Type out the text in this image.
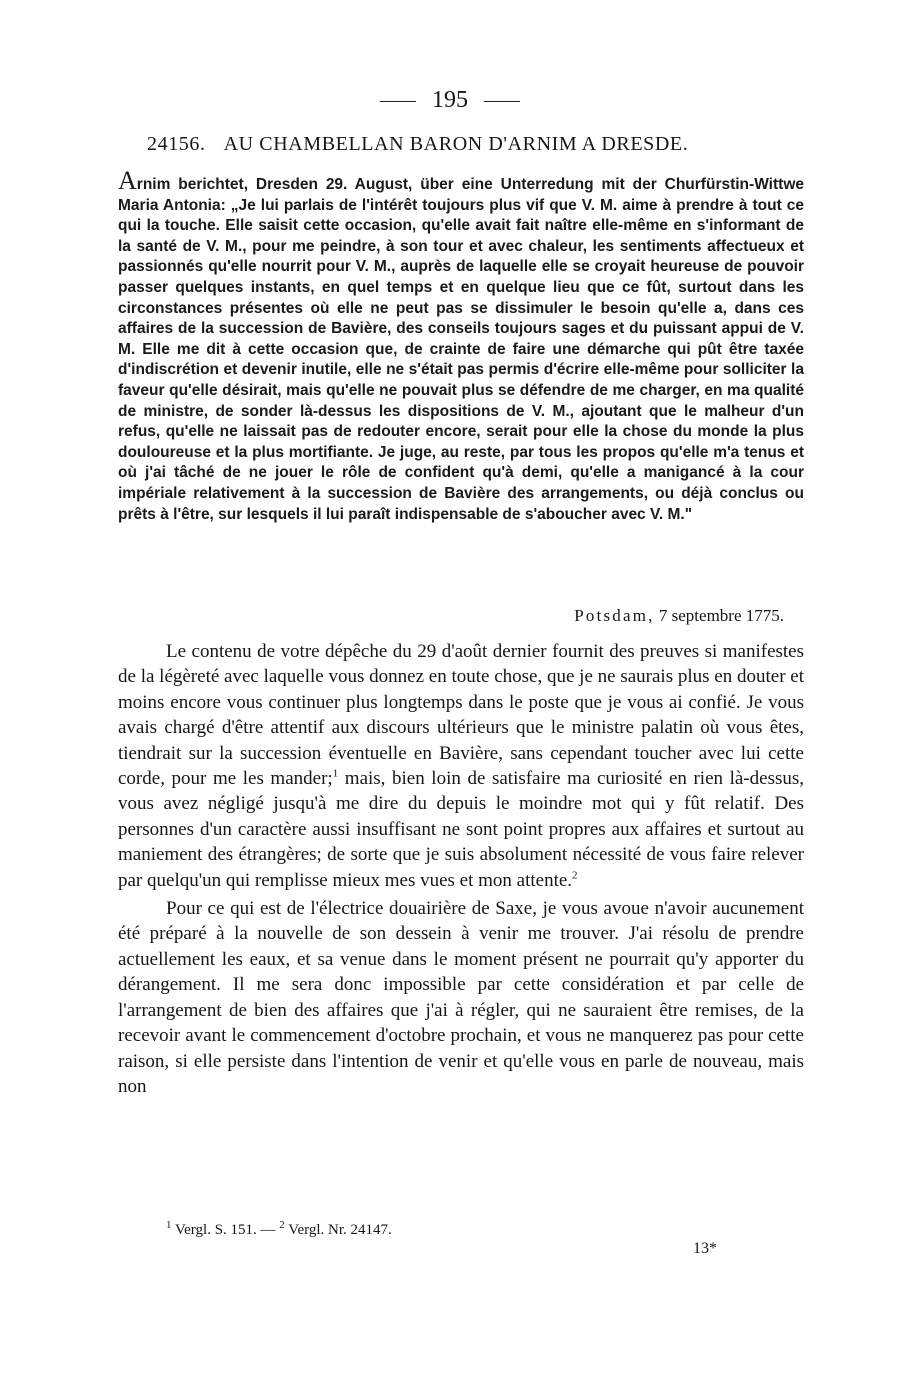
195
24156. AU CHAMBELLAN BARON D'ARNIM A DRESDE.
Arnim berichtet, Dresden 29. August, über eine Unterredung mit der Churfürstin-Wittwe Maria Antonia: „Je lui parlais de l'intérêt toujours plus vif que V. M. aime à prendre à tout ce qui la touche. Elle saisit cette occasion, qu'elle avait fait naître elle-même en s'informant de la santé de V. M., pour me peindre, à son tour et avec chaleur, les sentiments affectueux et passionnés qu'elle nourrit pour V. M., auprès de laquelle elle se croyait heureuse de pouvoir passer quelques instants, en quel temps et en quelque lieu que ce fût, surtout dans les circonstances présentes où elle ne peut pas se dissimuler le besoin qu'elle a, dans ces affaires de la succession de Bavière, des conseils toujours sages et du puissant appui de V. M. Elle me dit à cette occasion que, de crainte de faire une démarche qui pût être taxée d'indiscrétion et devenir inutile, elle ne s'était pas permis d'écrire elle-même pour solliciter la faveur qu'elle désirait, mais qu'elle ne pouvait plus se défendre de me charger, en ma qualité de ministre, de sonder là-dessus les dispositions de V. M., ajoutant que le malheur d'un refus, qu'elle ne laissait pas de redouter encore, serait pour elle la chose du monde la plus douloureuse et la plus mortifiante. Je juge, au reste, par tous les propos qu'elle m'a tenus et où j'ai tâché de ne jouer le rôle de confident qu'à demi, qu'elle a manigancé à la cour impériale relativement à la succession de Bavière des arrangements, ou déjà conclus ou prêts à l'être, sur lesquels il lui paraît indispensable de s'aboucher avec V. M."
Potsdam, 7 septembre 1775.

Le contenu de votre dépêche du 29 d'août dernier fournit des preuves si manifestes de la légèreté avec laquelle vous donnez en toute chose, que je ne saurais plus en douter et moins encore vous continuer plus longtemps dans le poste que je vous ai confié. Je vous avais chargé d'être attentif aux discours ultérieurs que le ministre palatin où vous êtes, tiendrait sur la succession éventuelle en Bavière, sans cependant toucher avec lui cette corde, pour me les mander;$^1$ mais, bien loin de satisfaire ma curiosité en rien là-dessus, vous avez négligé jusqu'à me dire du depuis le moindre mot qui y fût relatif. Des personnes d'un caractère aussi insuffisant ne sont point propres aux affaires et surtout au maniement des étrangères; de sorte que je suis absolument nécessité de vous faire relever par quelqu'un qui remplisse mieux mes vues et mon attente.$^2$

Pour ce qui est de l'électrice douairière de Saxe, je vous avoue n'avoir aucunement été préparé à la nouvelle de son dessein à venir me trouver. J'ai résolu de prendre actuellement les eaux, et sa venue dans le moment présent ne pourrait qu'y apporter du dérangement. Il me sera donc impossible par cette considération et par celle de l'arrangement de bien des affaires que j'ai à régler, qui ne sauraient être remises, de la recevoir avant le commencement d'octobre prochain, et vous ne manquerez pas pour cette raison, si elle persiste dans l'intention de venir et qu'elle vous en parle de nouveau, mais non

$^1$ Vergl. S. 151. — $^2$ Vergl. Nr. 24147.
13*
